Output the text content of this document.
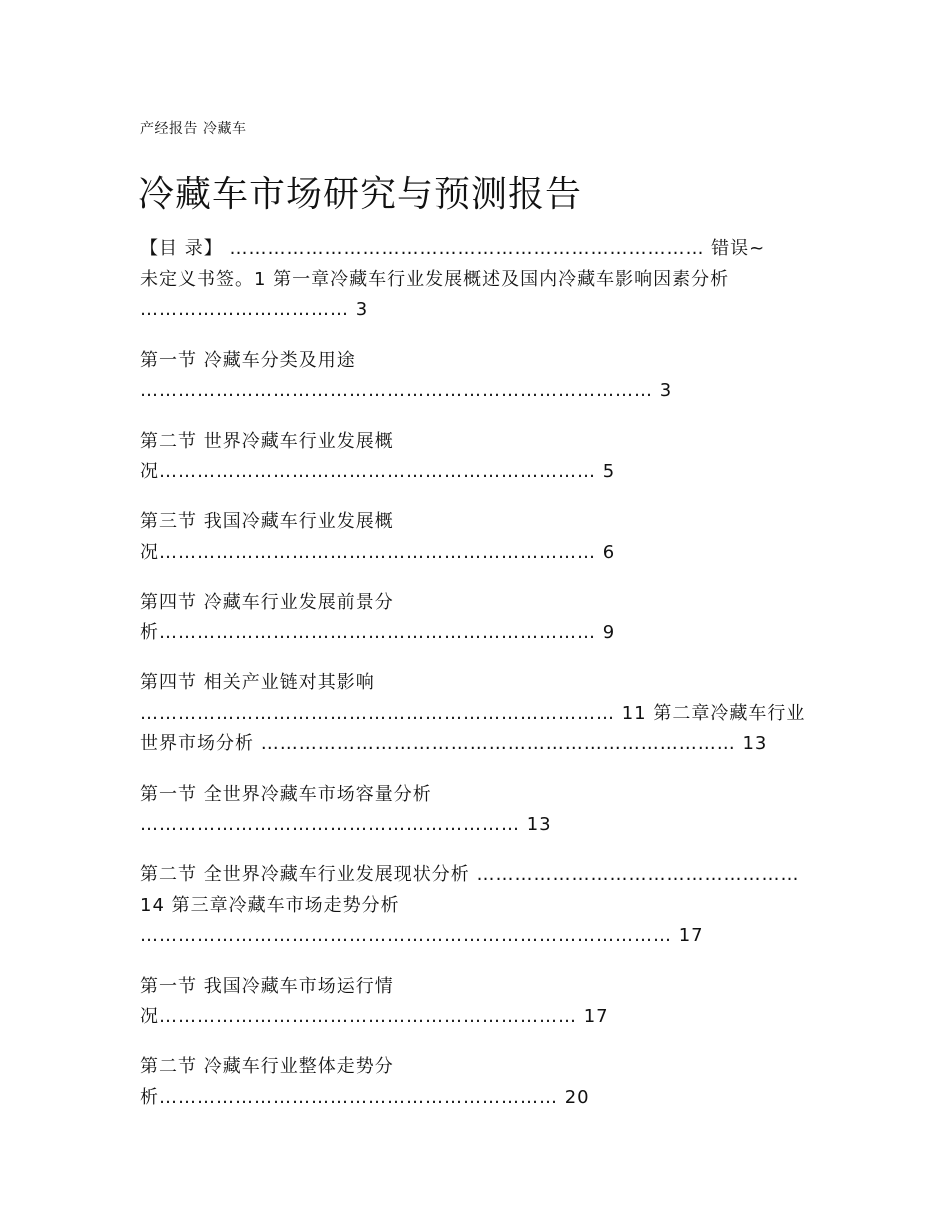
产经报告 冷藏车
冷藏车市场研究与预测报告
【目 录】 ………………………………………………………………… 错误~
未定义书签。1 第一章冷藏车行业发展概述及国内冷藏车影响因素分析
…………………………… 3
第一节 冷藏车分类及用途
……………………………………………………………………… 3
第二节 世界冷藏车行业发展概
况…………………………………………………………… 5
第三节 我国冷藏车行业发展概
况…………………………………………………………… 6
第四节 冷藏车行业发展前景分
析…………………………………………………………… 9
第四节 相关产业链对其影响
………………………………………………………………… 11 第二章冷藏车行业
世界市场分析 ………………………………………………………………… 13
第一节 全世界冷藏车市场容量分析
…………………………………………………… 13
第二节 全世界冷藏车行业发展现状分析 ……………………………………………
14 第三章冷藏车市场走势分析
………………………………………………………………………… 17
第一节 我国冷藏车市场运行情
况………………………………………………………… 17
第二节 冷藏车行业整体走势分
析……………………………………………………… 20
